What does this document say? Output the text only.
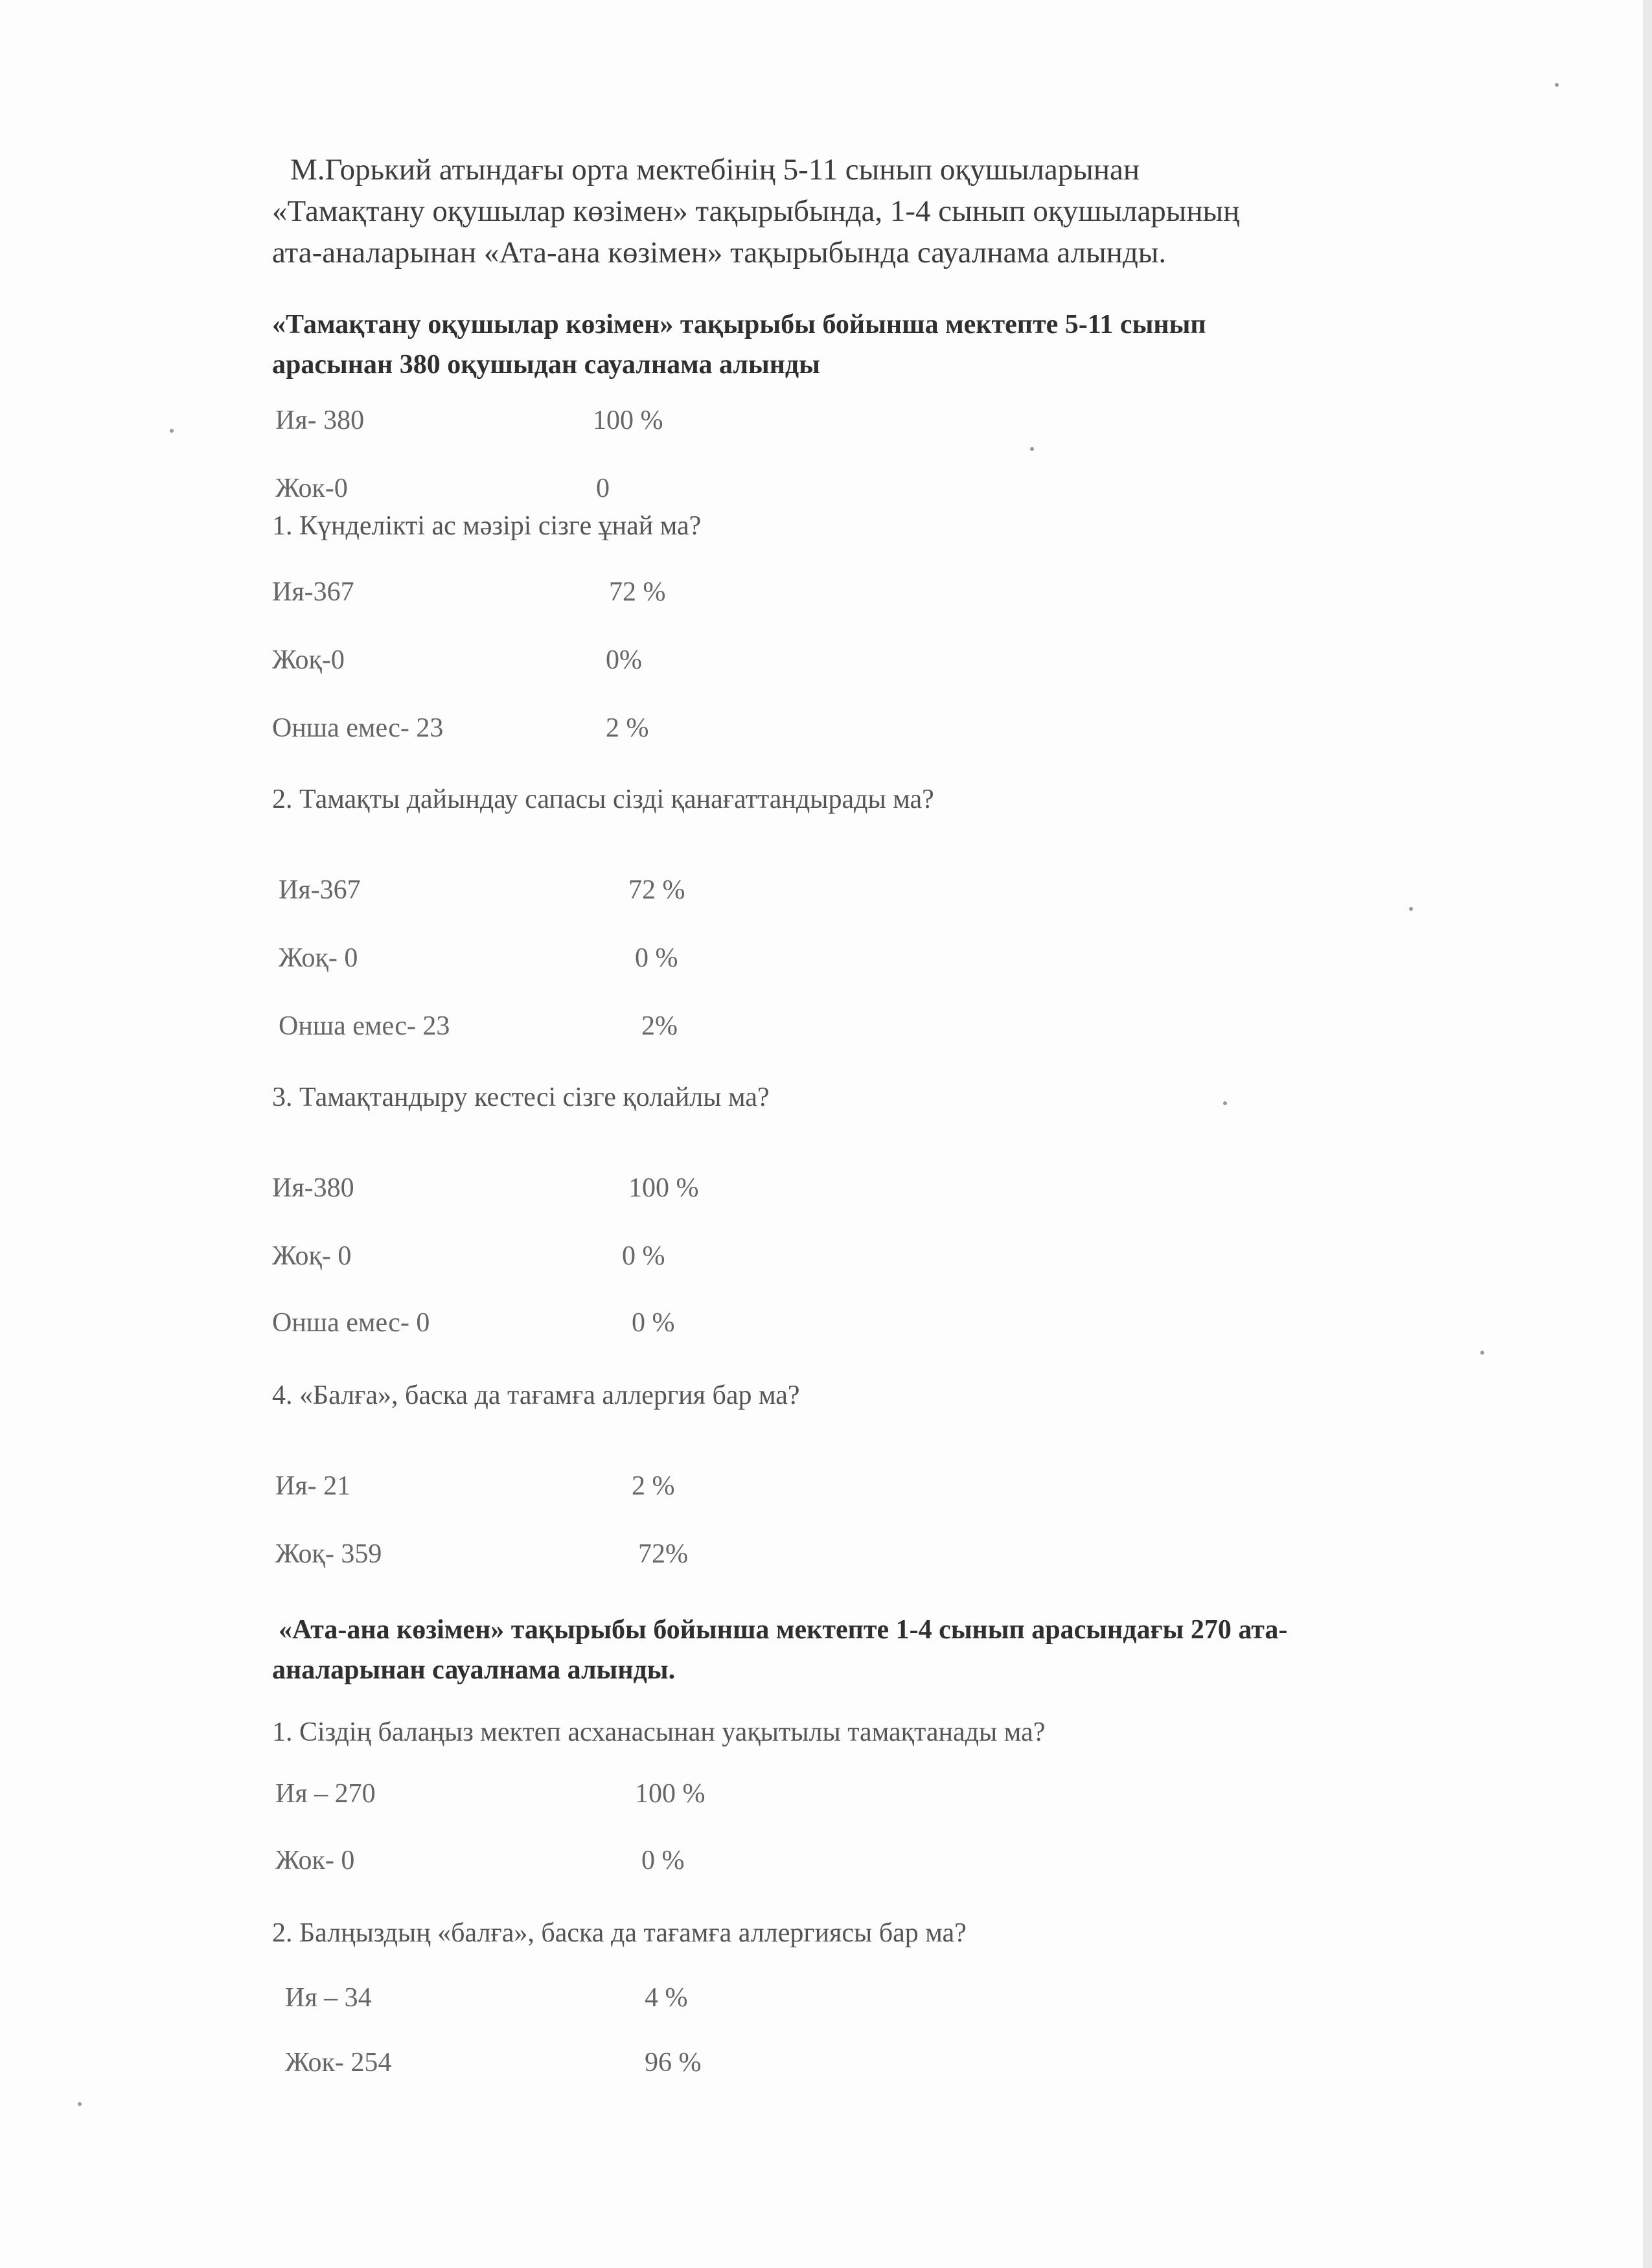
М.Горький атындағы орта мектебінің 5-11 сынып оқушыларынан

«Тамақтану оқушылар көзімен» тақырыбында, 1-4 сынып оқушыларының

ата-аналарынан «Ата-ана көзімен» тақырыбында сауалнама алынды.

«Тамақтану оқушылар көзімен» тақырыбы бойынша мектепте 5-11 сынып

арасынан 380 оқушыдан сауалнама алынды

Ия- 380	100 %
Жок-0	0
1. Күнделікті ас мәзірі сізге ұнай ма?
Ия-367	72 %
Жоқ-0	0%
Онша емес- 23	2 %
2. Тамақты дайындау сапасы сізді қанағаттандырады ма?
Ия-367	72 %
Жоқ- 0	0 %
Онша емес- 23	2%
3. Тамақтандыру кестесі сізге қолайлы ма?
Ия-380	100 %
Жоқ- 0	0 %
Онша емес- 0	0 %
4. «Балға», баска да тағамға аллергия бар ма?
Ия- 21	2 %
Жоқ- 359	72%

«Ата-ана көзімен» тақырыбы бойынша мектепте 1-4 сынып арасындағы 270 ата-

аналарынан сауалнама алынды.

1. Сіздің балаңыз мектеп асханасынан уақытылы тамақтанады ма?
Ия – 270	100 %
Жок- 0	0 %
2. Балңыздың «балға», баска да тағамға аллергиясы бар ма?
Ия – 34	4 %
Жок- 254	96 %
